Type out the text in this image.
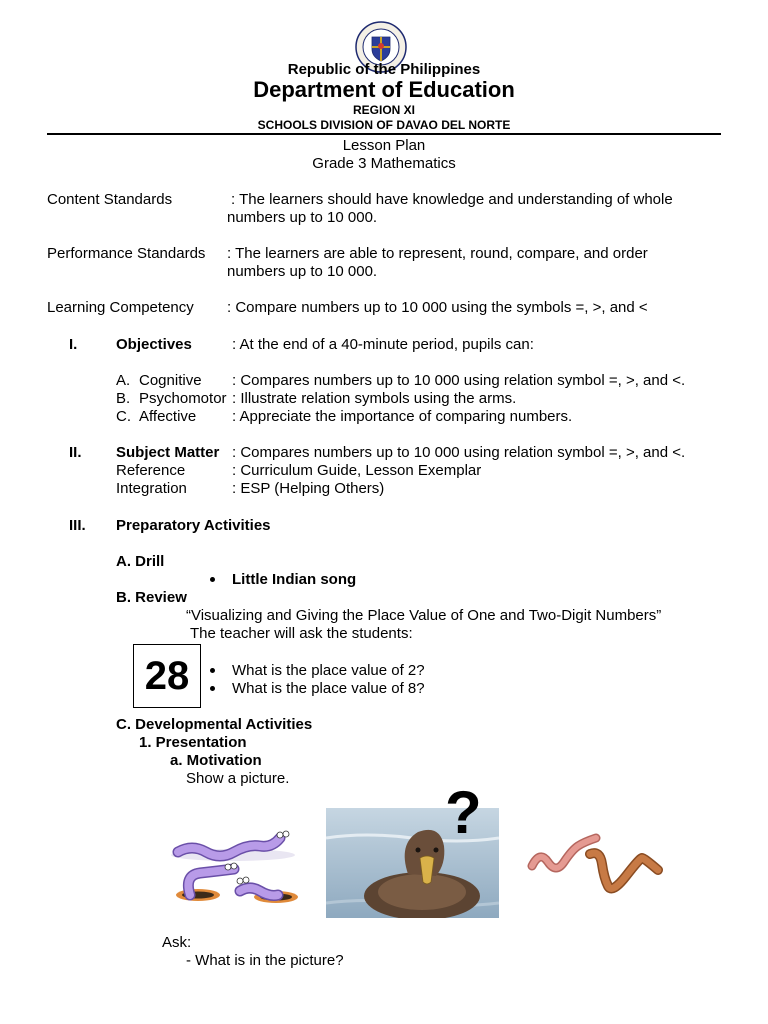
Republic of the Philippines
Department of Education
REGION XI
SCHOOLS DIVISION OF DAVAO DEL NORTE
Lesson Plan
Grade 3 Mathematics
Content Standards	: The learners should have knowledge and understanding of whole
numbers up to 10 000.
Performance Standards : The learners are able to represent, round, compare, and order
numbers up to 10 000.
Learning Competency : Compare numbers up to 10 000 using the symbols =, >, and <
I.	Objectives	: At the end of a 40-minute period, pupils can:
A. Cognitive : Compares numbers up to 10 000 using relation symbol =, >, and <.
B. Psychomotor : Illustrate relation symbols using the arms.
C. Affective : Appreciate the importance of comparing numbers.
II. Subject Matter : Compares numbers up to 10 000 using relation symbol =, >, and <.
Reference	: Curriculum Guide, Lesson Exemplar
Integration	: ESP (Helping Others)
III. Preparatory Activities
A. Drill
Little Indian song
B. Review
“Visualizing and Giving the Place Value of One and Two-Digit Numbers”
The teacher will ask the students:
28	What is the place value of 2?
What is the place value of 8?
C. Developmental Activities
1. Presentation
a. Motivation
Show a picture.
?
Ask:
- What is in the picture?
